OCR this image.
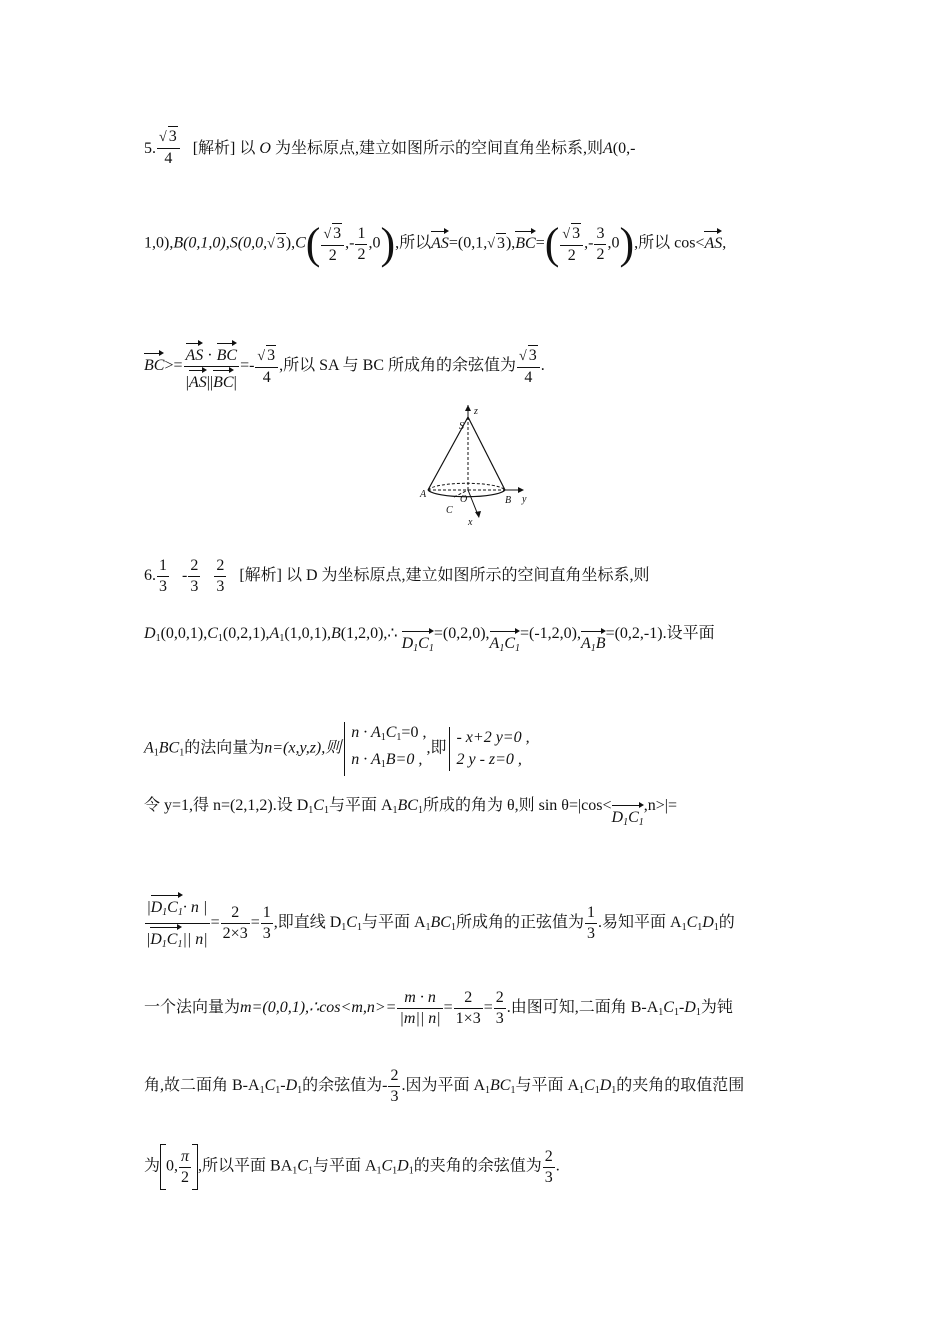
5. $\frac{√ 3}{4}$ [解析] 以 O 为坐标原点,建立如图所示的空间直角坐标系,则A(0,-
1,0),B(0,1,0),S(0,0,√ $3),C( \frac{√ 3}{2}$ ,- $\frac{1}{2} ,0$),所以AS=(0,1,√ $3),BC=( \frac{√ 3}{2}$ ,- $\frac{3}{2} ,0$),所以 cos<AS,
$BC>= \frac{AS \cdot BC}{|AS||BC|} =- \frac{√ 3}{4}$ ,所以 SA 与 BC 所成角的余弦值为 $\frac{√ 3}{4}$ .
z
S
A	O	B y
C
x
6. $\frac{1}{3} - \frac{2}{3}$
$\frac{2}{3}$ [解析] 以 D 为坐标原点,建立如图所示的空间直角坐标系,则
$D_1(0,0,1),C_1(0,2,1),A_1(1,0,1),B(1,2,0),\therefore$ $D_1C_1=(0,2,0),A_1C_1=(-1,2,0),A_1B=(0,2,-1)$.设平面
$A_1BC_1$的法向量为n=(x,y,z),则$n \cdot A_1C_1=0$ ,
$n \cdot A_1B=0$ ,,即- x+2 y=0 ,
2 y - z=0 ,
令 y=1,得 n=(2,1,2).设 $D_1C_1$与平面 $A_1BC_1$所成的角为 θ,则 $\sin \theta=|\cos<D_1C_1,n>|=$
$\frac{|D_1C_1\cdot n |}{|D_1C_1|| n|} = \frac{2}{2\times 3} = \frac{1}{3}$ ,即直线 $D_1C_1$与平面 $A_1BC_1$所成角的正弦值为 $\frac{1}{3}$ .易知平面 $A_1C_1D_1$的
一个法向量为m=(0,0,1),∴cos<m,n>= $\frac{m \cdot n}{|m|| n|} = \frac{2}{1\times 3} = \frac{2}{3}$ .由图可知,二面角 $B-A_1C_1-D_1$为钝
角,故二面角 $B-A_1C_1-D_1$的余弦值为- $\frac{2}{3}$ .因为平面 $A_1BC_1$与平面 $A_1C_1D_1$的夹角的取值范围
为 0, $\frac{\pi}{2}$ ,所以平面 $BA_1C_1$与平面 $A_1C_1D_1$的夹角的余弦值为 $\frac{2}{3}$ .
